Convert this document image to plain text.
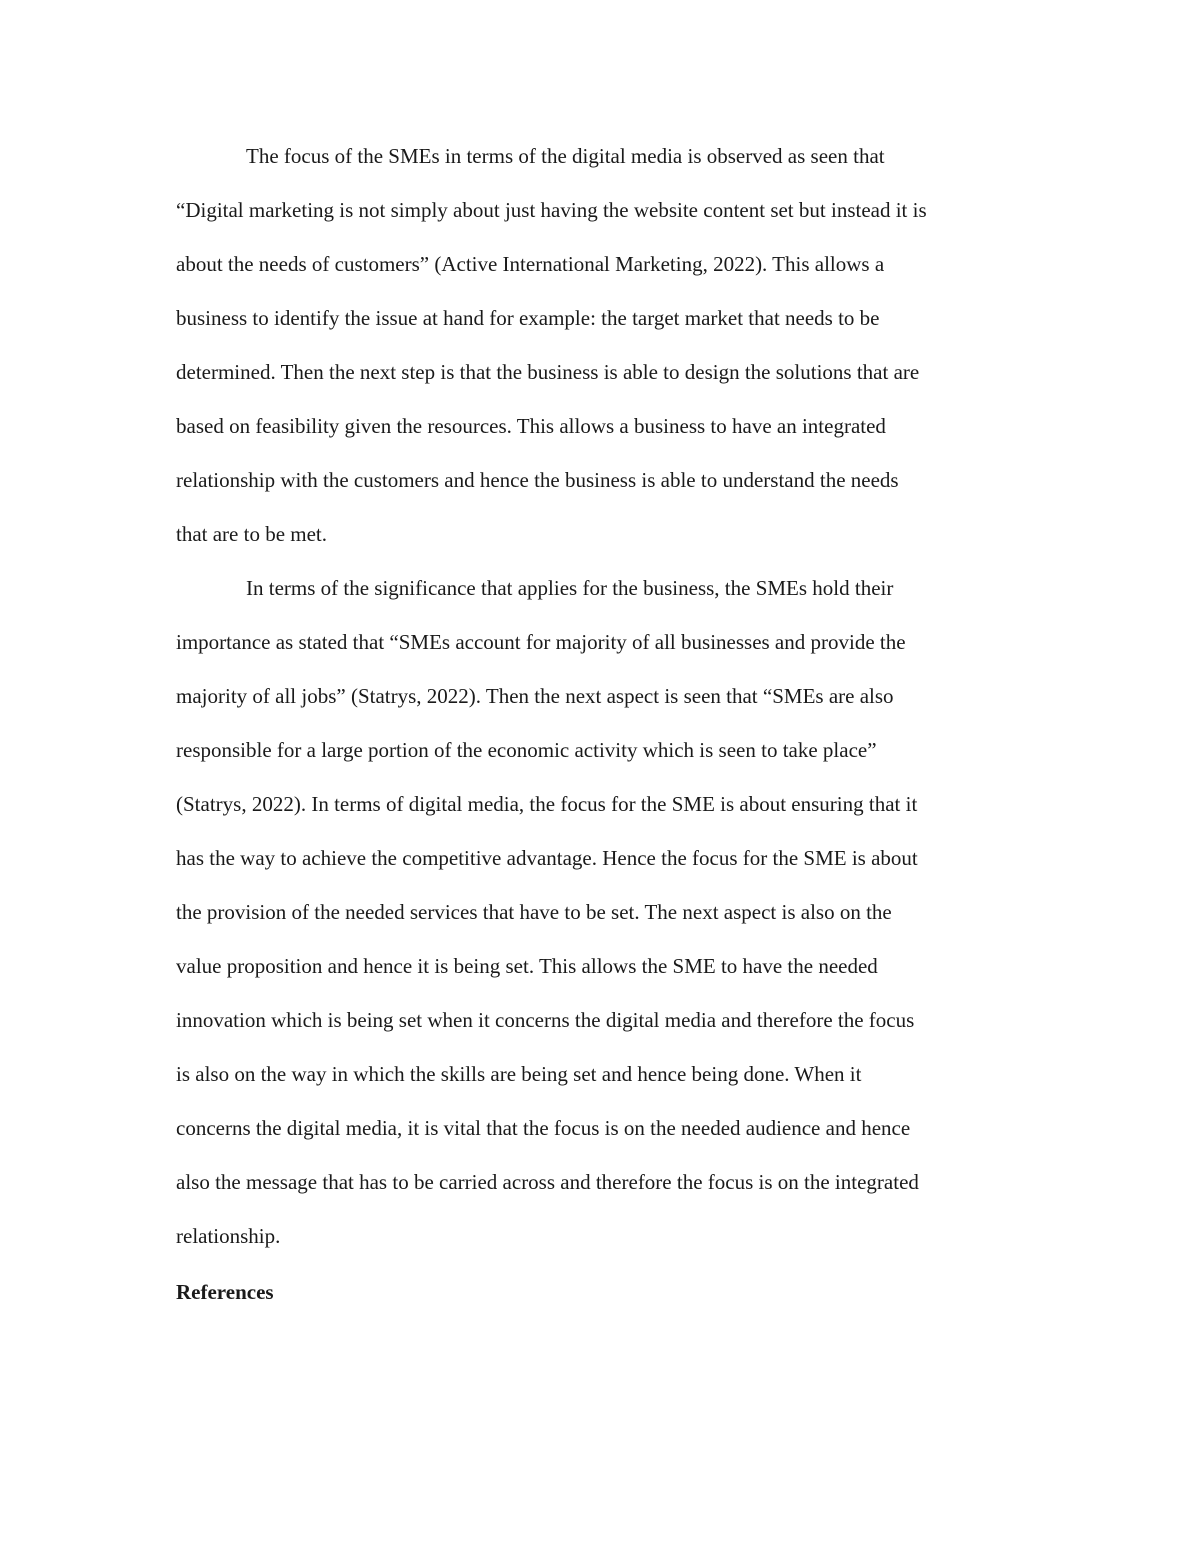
The focus of the SMEs in terms of the digital media is observed as seen that
“Digital marketing is not simply about just having the website content set but instead it is
about the needs of customers” (Active International Marketing, 2022). This allows a
business to identify the issue at hand for example: the target market that needs to be
determined. Then the next step is that the business is able to design the solutions that are
based on feasibility given the resources. This allows a business to have an integrated
relationship with the customers and hence the business is able to understand the needs
that are to be met.
In terms of the significance that applies for the business, the SMEs hold their
importance as stated that “SMEs account for majority of all businesses and provide the
majority of all jobs” (Statrys, 2022). Then the next aspect is seen that “SMEs are also
responsible for a large portion of the economic activity which is seen to take place”
(Statrys, 2022). In terms of digital media, the focus for the SME is about ensuring that it
has the way to achieve the competitive advantage. Hence the focus for the SME is about
the provision of the needed services that have to be set. The next aspect is also on the
value proposition and hence it is being set. This allows the SME to have the needed
innovation which is being set when it concerns the digital media and therefore the focus
is also on the way in which the skills are being set and hence being done. When it
concerns the digital media, it is vital that the focus is on the needed audience and hence
also the message that has to be carried across and therefore the focus is on the integrated
relationship.
References
